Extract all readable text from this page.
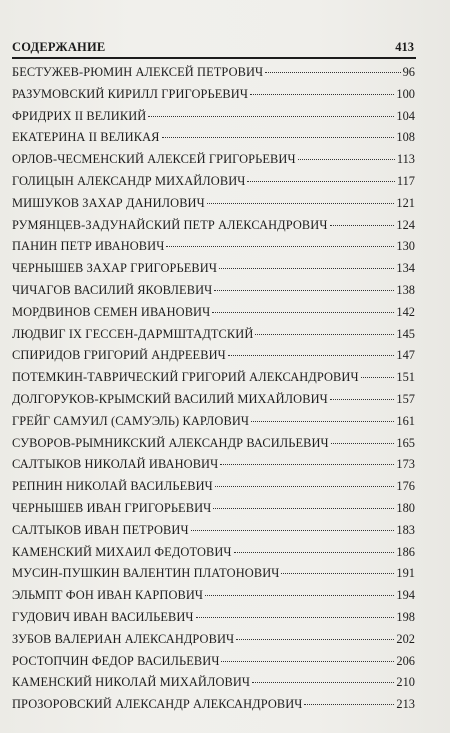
СОДЕРЖАНИЕ	413
БЕСТУЖЕВ-РЮМИН АЛЕКСЕЙ ПЕТРОВИЧ	96
РАЗУМОВСКИЙ КИРИЛЛ ГРИГОРЬЕВИЧ	100
ФРИДРИХ II ВЕЛИКИЙ	104
ЕКАТЕРИНА II ВЕЛИКАЯ	108
ОРЛОВ-ЧЕСМЕНСКИЙ АЛЕКСЕЙ ГРИГОРЬЕВИЧ	113
ГОЛИЦЫН АЛЕКСАНДР МИХАЙЛОВИЧ	117
МИШУКОВ ЗАХАР ДАНИЛОВИЧ	121
РУМЯНЦЕВ-ЗАДУНАЙСКИЙ ПЕТР АЛЕКСАНДРОВИЧ	124
ПАНИН ПЕТР ИВАНОВИЧ	130
ЧЕРНЫШЕВ ЗАХАР ГРИГОРЬЕВИЧ	134
ЧИЧАГОВ ВАСИЛИЙ ЯКОВЛЕВИЧ	138
МОРДВИНОВ СЕМЕН ИВАНОВИЧ	142
ЛЮДВИГ IX ГЕССЕН-ДАРМШТАДТСКИЙ	145
СПИРИДОВ ГРИГОРИЙ АНДРЕЕВИЧ	147
ПОТЕМКИН-ТАВРИЧЕСКИЙ ГРИГОРИЙ АЛЕКСАНДРОВИЧ	151
ДОЛГОРУКОВ-КРЫМСКИЙ ВАСИЛИЙ МИХАЙЛОВИЧ	157
ГРЕЙГ САМУИЛ (САМУЭЛЬ) КАРЛОВИЧ	161
СУВОРОВ-РЫМНИКСКИЙ АЛЕКСАНДР ВАСИЛЬЕВИЧ	165
САЛТЫКОВ НИКОЛАЙ ИВАНОВИЧ	173
РЕПНИН НИКОЛАЙ ВАСИЛЬЕВИЧ	176
ЧЕРНЫШЕВ ИВАН ГРИГОРЬЕВИЧ	180
САЛТЫКОВ ИВАН ПЕТРОВИЧ	183
КАМЕНСКИЙ МИХАИЛ ФЕДОТОВИЧ	186
МУСИН-ПУШКИН ВАЛЕНТИН ПЛАТОНОВИЧ	191
ЭЛЬМПТ ФОН ИВАН КАРПОВИЧ	194
ГУДОВИЧ ИВАН ВАСИЛЬЕВИЧ	198
ЗУБОВ ВАЛЕРИАН АЛЕКСАНДРОВИЧ	202
РОСТОПЧИН ФЕДОР ВАСИЛЬЕВИЧ	206
КАМЕНСКИЙ НИКОЛАЙ МИХАЙЛОВИЧ	210
ПРОЗОРОВСКИЙ АЛЕКСАНДР АЛЕКСАНДРОВИЧ	213
